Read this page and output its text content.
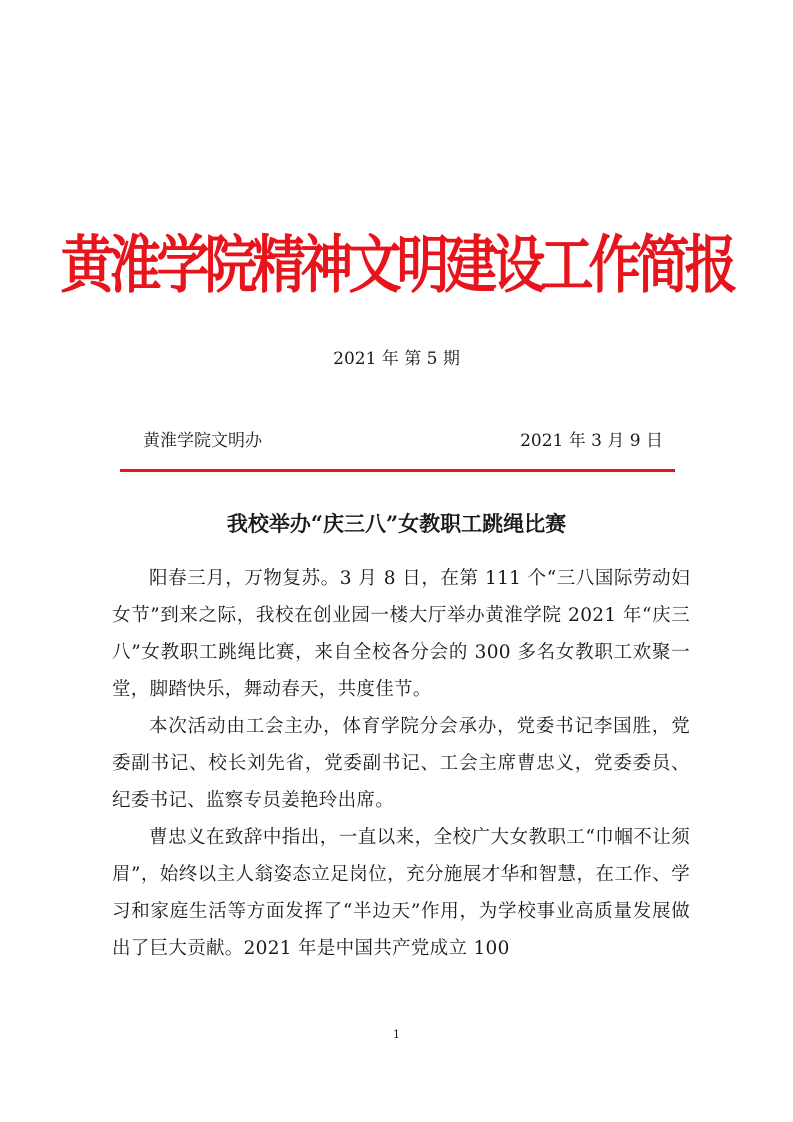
黄淮学院精神文明建设工作简报
2021 年 第 5 期
黄淮学院文明办	2021 年 3 月 9 日
我校举办“庆三八”女教职工跳绳比赛

阳春三月，万物复苏。3 月 8 日，在第 111 个“三八国际劳动妇女节”到来之际，我校在创业园一楼大厅举办黄淮学院 2021 年“庆三八”女教职工跳绳比赛，来自全校各分会的 300 多名女教职工欢聚一堂，脚踏快乐，舞动春天，共度佳节。

本次活动由工会主办，体育学院分会承办，党委书记李国胜，党委副书记、校长刘先省，党委副书记、工会主席曹忠义，党委委员、纪委书记、监察专员姜艳玲出席。

曹忠义在致辞中指出，一直以来，全校广大女教职工“巾帼不让须眉”，始终以主人翁姿态立足岗位，充分施展才华和智慧，在工作、学习和家庭生活等方面发挥了“半边天”作用，为学校事业高质量发展做出了巨大贡献。2021 年是中国共产党成立 100

1
